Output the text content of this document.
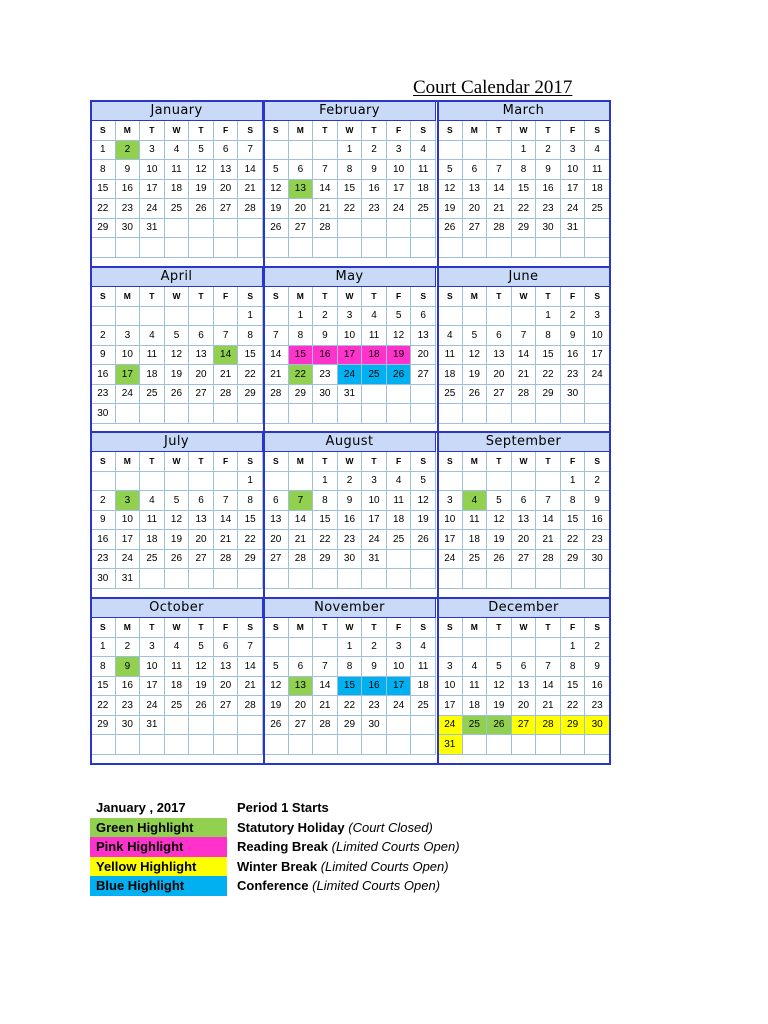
Court Calendar 2017
January						
S	M	T	W	T	F	S
1	2	3	4	5	6	7
8	9	10	11	12	13	14
15	16	17	18	19	20	21
22	23	24	25	26	27	28
29	30	31				

February						
S	M	T	W	T	F	S
			1	2	3	4
5	6	7	8	9	10	11
12	13	14	15	16	17	18
19	20	21	22	23	24	25
26	27	28				

March						
S	M	T	W	T	F	S
			1	2	3	4
5	6	7	8	9	10	11
12	13	14	15	16	17	18
19	20	21	22	23	24	25
26	27	28	29	30	31	

April						
S	M	T	W	T	F	S
						1
2	3	4	5	6	7	8
9	10	11	12	13	14	15
16	17	18	19	20	21	22
23	24	25	26	27	28	29
30						
May						
S	M	T	W	T	F	S
	1	2	3	4	5	6
7	8	9	10	11	12	13
14	15	16	17	18	19	20
21	22	23	24	25	26	27
28	29	30	31			

June						
S	M	T	W	T	F	S
				1	2	3
4	5	6	7	8	9	10
11	12	13	14	15	16	17
18	19	20	21	22	23	24
25	26	27	28	29	30	

July						
S	M	T	W	T	F	S
						1
2	3	4	5	6	7	8
9	10	11	12	13	14	15
16	17	18	19	20	21	22
23	24	25	26	27	28	29
30	31					
August						
S	M	T	W	T	F	S
		1	2	3	4	5
6	7	8	9	10	11	12
13	14	15	16	17	18	19
20	21	22	23	24	25	26
27	28	29	30	31		

September						
S	M	T	W	T	F	S
					1	2
3	4	5	6	7	8	9
10	11	12	13	14	15	16
17	18	19	20	21	22	23
24	25	26	27	28	29	30

October						
S	M	T	W	T	F	S
1	2	3	4	5	6	7
8	9	10	11	12	13	14
15	16	17	18	19	20	21
22	23	24	25	26	27	28
29	30	31				

November						
S	M	T	W	T	F	S
			1	2	3	4
5	6	7	8	9	10	11
12	13	14	15	16	17	18
19	20	21	22	23	24	25
26	27	28	29	30		

December						
S	M	T	W	T	F	S
					1	2
3	4	5	6	7	8	9
10	11	12	13	14	15	16
17	18	19	20	21	22	23
24	25	26	27	28	29	30
31						
January , 2017		Period 1 Starts
Green Highlight		Statutory Holiday (Court Closed)
Pink Highlight		Reading Break (Limited Courts Open)
Yellow Highlight		Winter Break (Limited Courts Open)
Blue Highlight		Conference (Limited Courts Open)
